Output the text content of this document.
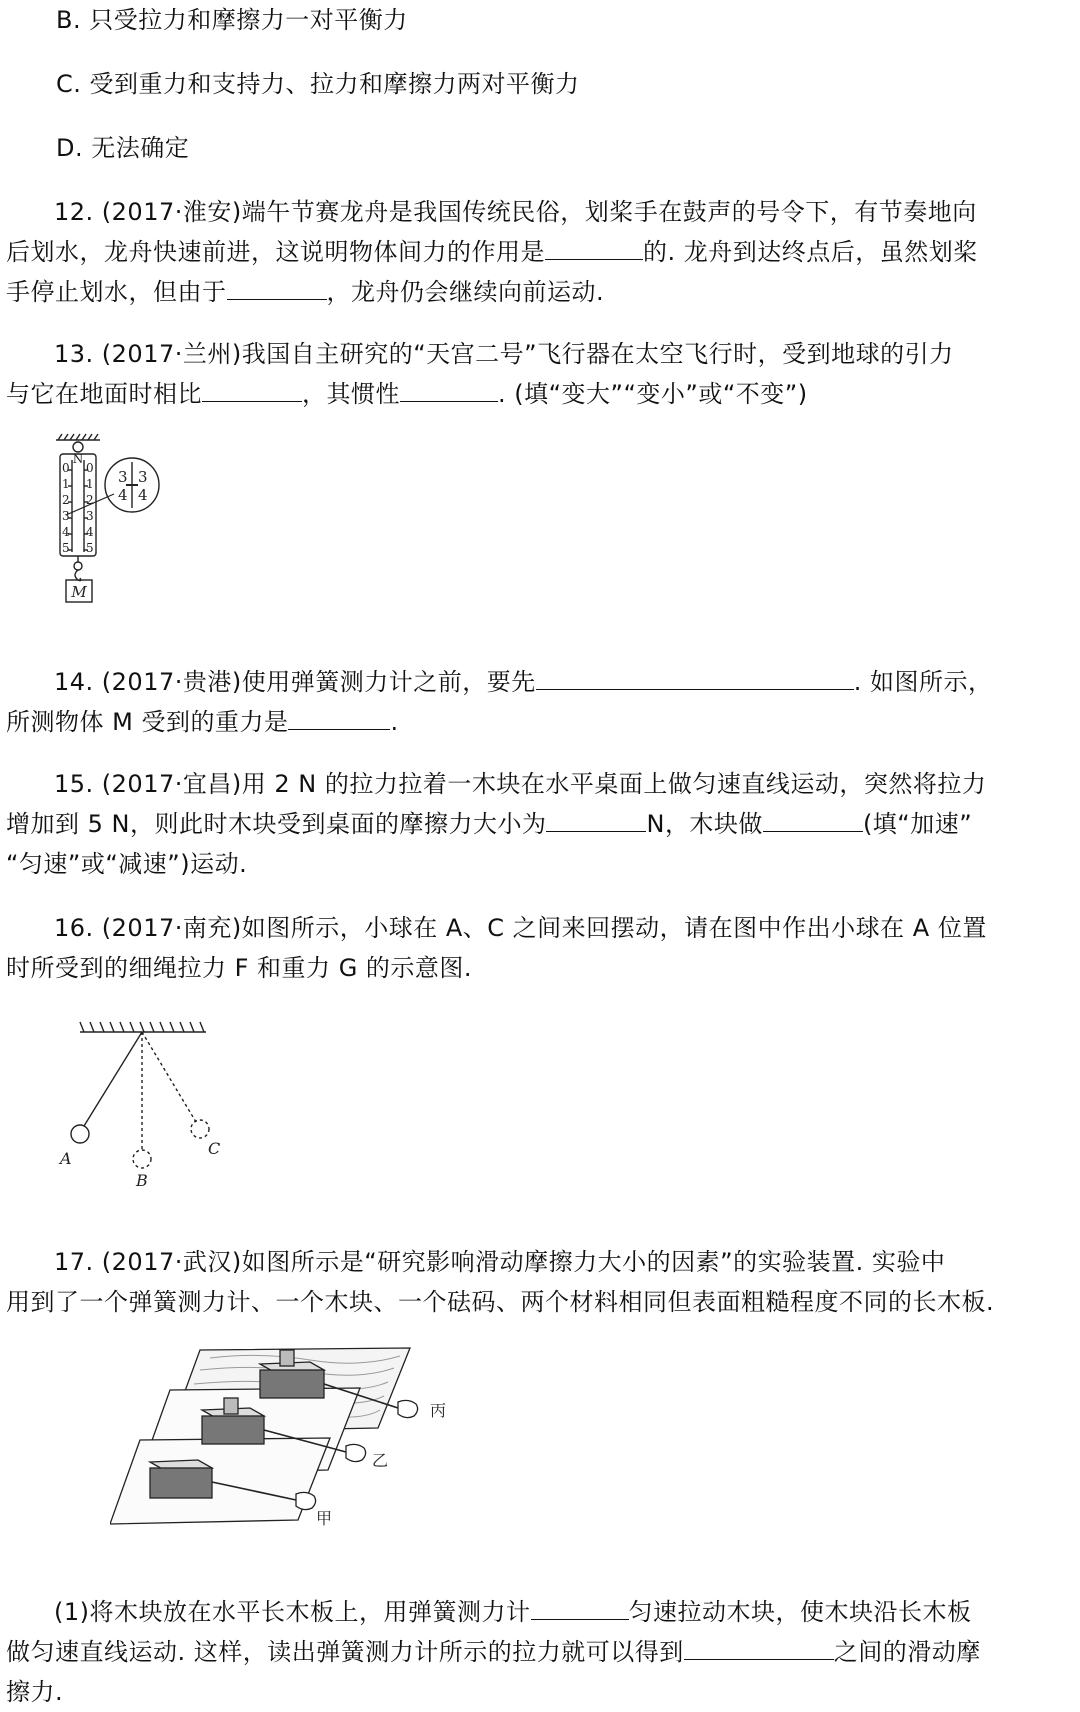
B. 只受拉力和摩擦力一对平衡力
C. 受到重力和支持力、拉力和摩擦力两对平衡力
D. 无法确定
12. (2017·淮安)端午节赛龙舟是我国传统民俗，划桨手在鼓声的号令下，有节奏地向
后划水，龙舟快速前进，这说明物体间力的作用是	的. 龙舟到达终点后，虽然划桨
手停止划水，但由于	，龙舟仍会继续向前运动.
13. (2017·兰州)我国自主研究的“天宫二号”飞行器在太空飞行时，受到地球的引力
与它在地面时相比	，其惯性	. (填“变大”“变小”或“不变”)
N
0 0
1 1
2 2
3 3
4 4
5 5
3 3
4 4
M
14. (2017·贵港)使用弹簧测力计之前，要先	. 如图所示，
所测物体 M 受到的重力是	.
15. (2017·宜昌)用 2 N 的拉力拉着一木块在水平桌面上做匀速直线运动，突然将拉力
增加到 5 N，则此时木块受到桌面的摩擦力大小为	N，木块做	(填“加速”
“匀速”或“减速”)运动.
16. (2017·南充)如图所示，小球在 A、C 之间来回摆动，请在图中作出小球在 A 位置
时所受到的细绳拉力 F 和重力 G 的示意图.
A
B
C
17. (2017·武汉)如图所示是“研究影响滑动摩擦力大小的因素”的实验装置. 实验中
用到了一个弹簧测力计、一个木块、一个砝码、两个材料相同但表面粗糙程度不同的长木板.
丙
乙
甲
(1)将木块放在水平长木板上，用弹簧测力计	匀速拉动木块，使木块沿长木板
做匀速直线运动. 这样，读出弹簧测力计所示的拉力就可以得到	之间的滑动摩
擦力.
